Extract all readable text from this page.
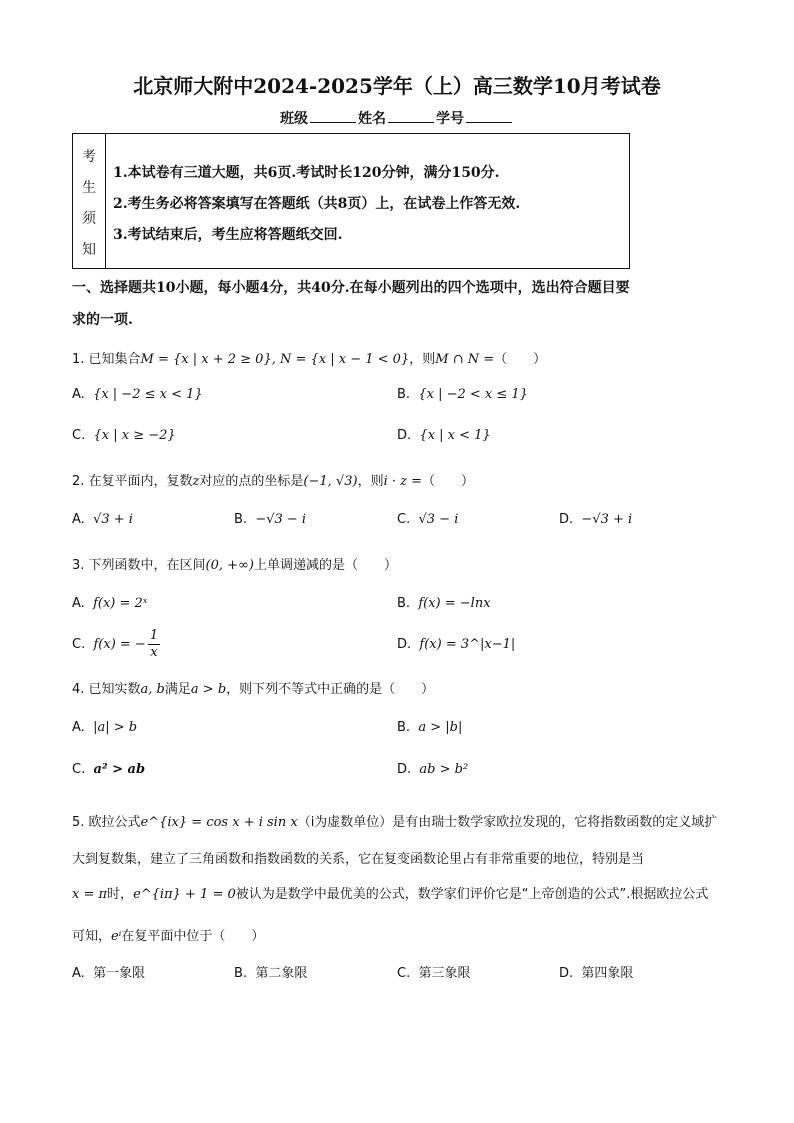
北京师大附中2024-2025学年（上）高三数学10月考试卷
班级	姓名	学号
考
生
须
知
1.本试卷有三道大题，共6页.考试时长120分钟，满分150分.
2.考生务必将答案填写在答题纸（共8页）上，在试卷上作答无效.
3.考试结束后，考生应将答题纸交回.
一、选择题共10小题，每小题4分，共40分.在每小题列出的四个选项中，选出符合题目要
求的一项.
1. 已知集合M = {x | x + 2 ≥ 0}, N = {x | x − 1 < 0}，则M ∩ N =（　　）
A. {x | −2 ≤ x < 1}	B. {x | −2 < x ≤ 1}
C. {x | x ≥ −2}	D. {x | x < 1}
2. 在复平面内，复数z对应的点的坐标是(−1, √3)，则i · z =（　　）
A. √3 + i	B. −√3 − i	C. √3 − i	D. −√3 + i
3. 下列函数中，在区间(0, +∞)上单调递减的是（　　）
A. f(x) = 2ˣ	B. f(x) = −lnx
C. f(x) = − $\frac{1}{x}$	D. f(x) = 3^|x−1|
4. 已知实数a, b满足a > b，则下列不等式中正确的是（　　）
A. |a| > b	B. a > |b|
C. a² > ab	D. ab > b²
5. 欧拉公式e^{ix} = cos x + i sin x（i为虚数单位）是有由瑞士数学家欧拉发现的，它将指数函数的定义域扩
大到复数集，建立了三角函数和指数函数的关系，它在复变函数论里占有非常重要的地位，特别是当
x = π时，e^{iπ} + 1 = 0被认为是数学中最优美的公式，数学家们评价它是“上帝创造的公式”.根据欧拉公式
可知，eⁱ在复平面中位于（　　）
A. 第一象限	B. 第二象限	C. 第三象限	D. 第四象限
